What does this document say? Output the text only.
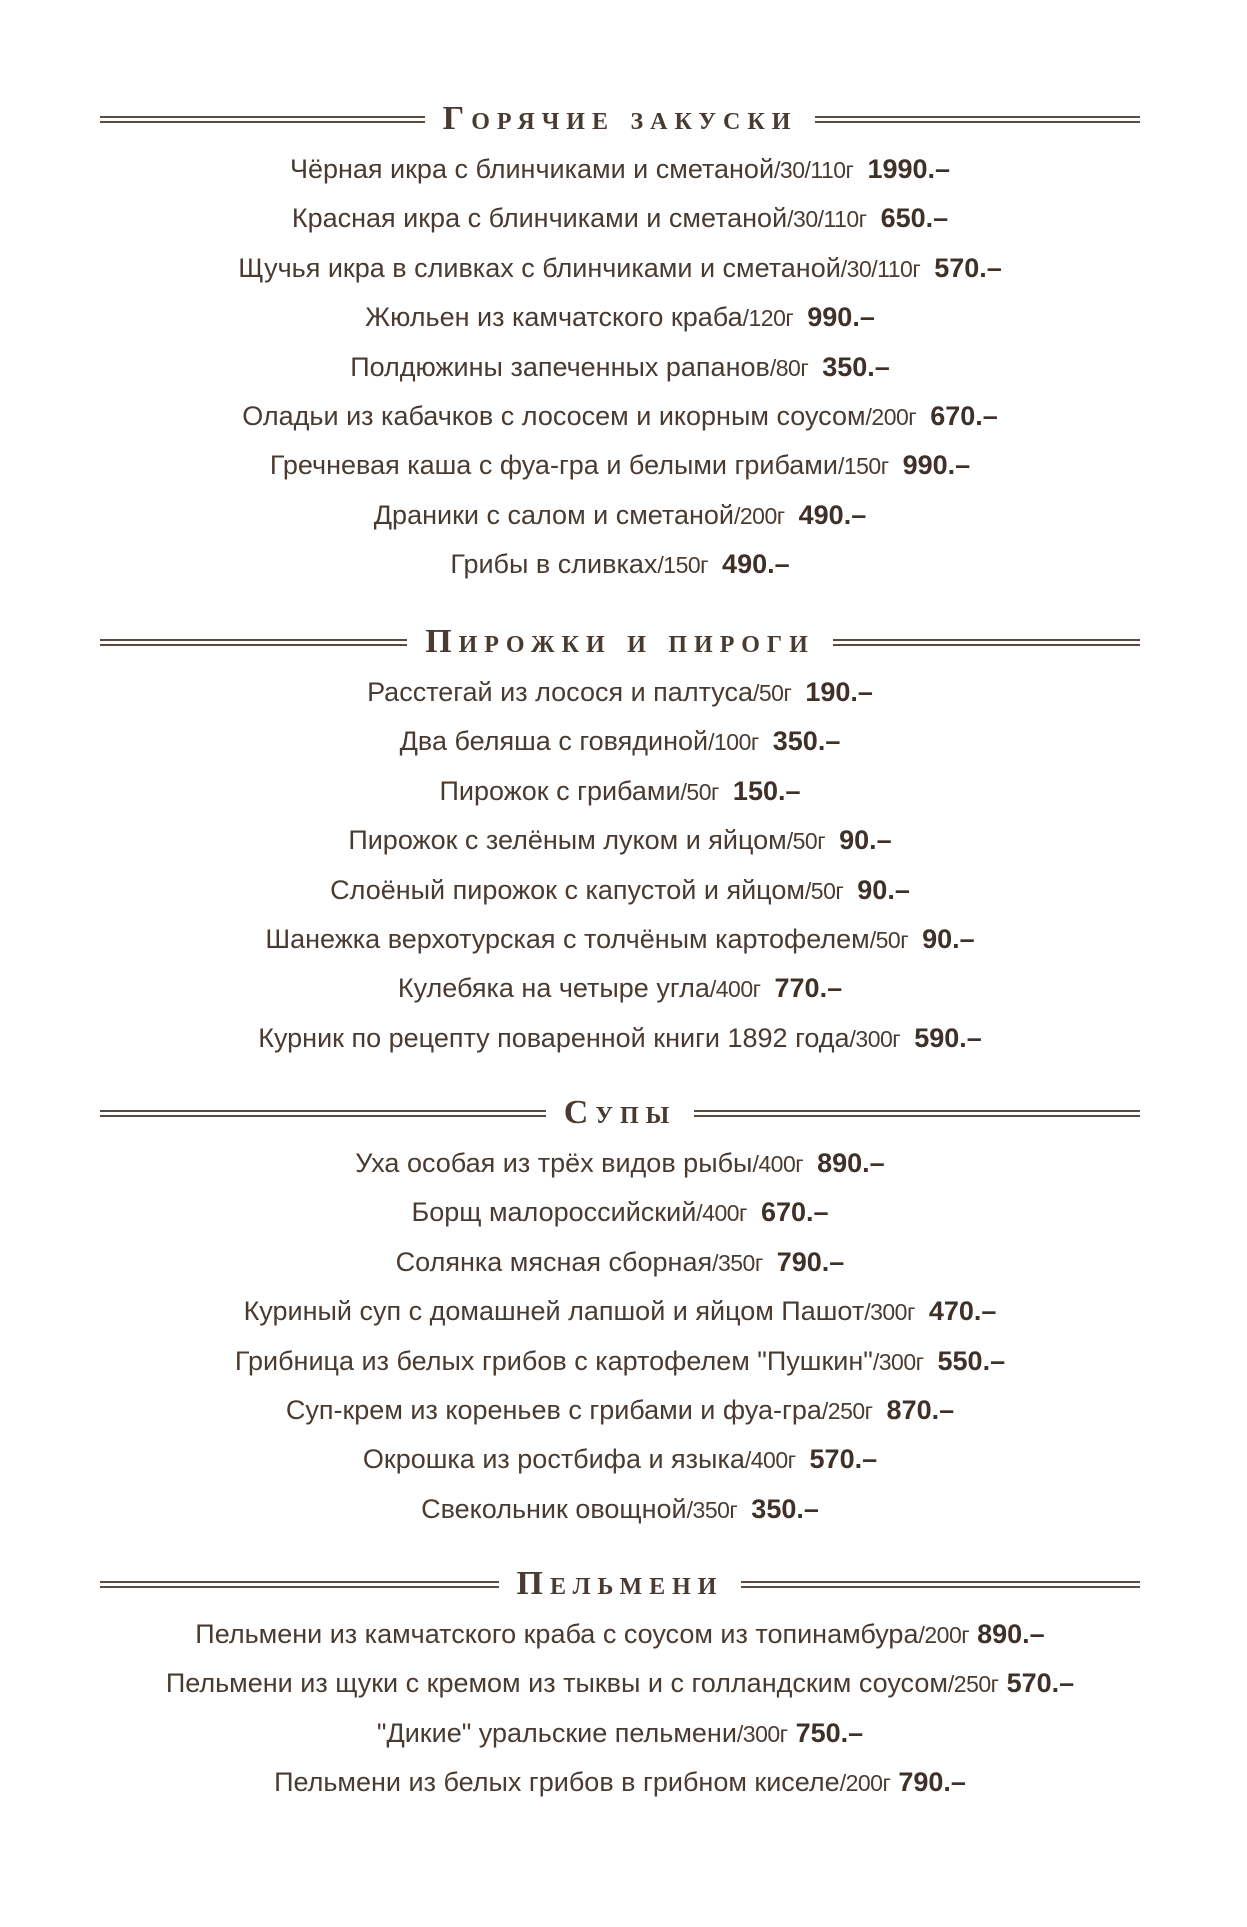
Горячие закуски
Чёрная икра с блинчиками и сметаной/30/110г 1990.–
Красная икра с блинчиками и сметаной/30/110г 650.–
Щучья икра в сливках с блинчиками и сметаной/30/110г 570.–
Жюльен из камчатского краба/120г 990.–
Полдюжины запеченных рапанов/80г 350.–
Оладьи из кабачков с лососем и икорным соусом/200г 670.–
Гречневая каша с фуа-гра и белыми грибами/150г 990.–
Драники с салом и сметаной/200г 490.–
Грибы в сливках/150г 490.–
Пирожки и пироги
Расстегай из лосося и палтуса/50г 190.–
Два беляша с говядиной/100г 350.–
Пирожок с грибами/50г 150.–
Пирожок с зелёным луком и яйцом/50г 90.–
Слоёный пирожок с капустой и яйцом/50г 90.–
Шанежка верхотурская с толчёным картофелем/50г 90.–
Кулебяка на четыре угла/400г 770.–
Курник по рецепту поваренной книги 1892 года/300г 590.–
Супы
Уха особая из трёх видов рыбы/400г 890.–
Борщ малороссийский/400г 670.–
Солянка мясная сборная/350г 790.–
Куриный суп с домашней лапшой и яйцом Пашот/300г 470.–
Грибница из белых грибов с картофелем "Пушкин"/300г 550.–
Суп-крем из кореньев с грибами и фуа-гра/250г 870.–
Окрошка из ростбифа и языка/400г 570.–
Свекольник овощной/350г 350.–
Пельмени
Пельмени из камчатского краба с соусом из топинамбура/200г 890.–
Пельмени из щуки с кремом из тыквы и с голландским соусом/250г 570.–
"Дикие" уральские пельмени/300г 750.–
Пельмени из белых грибов в грибном киселе/200г 790.–
